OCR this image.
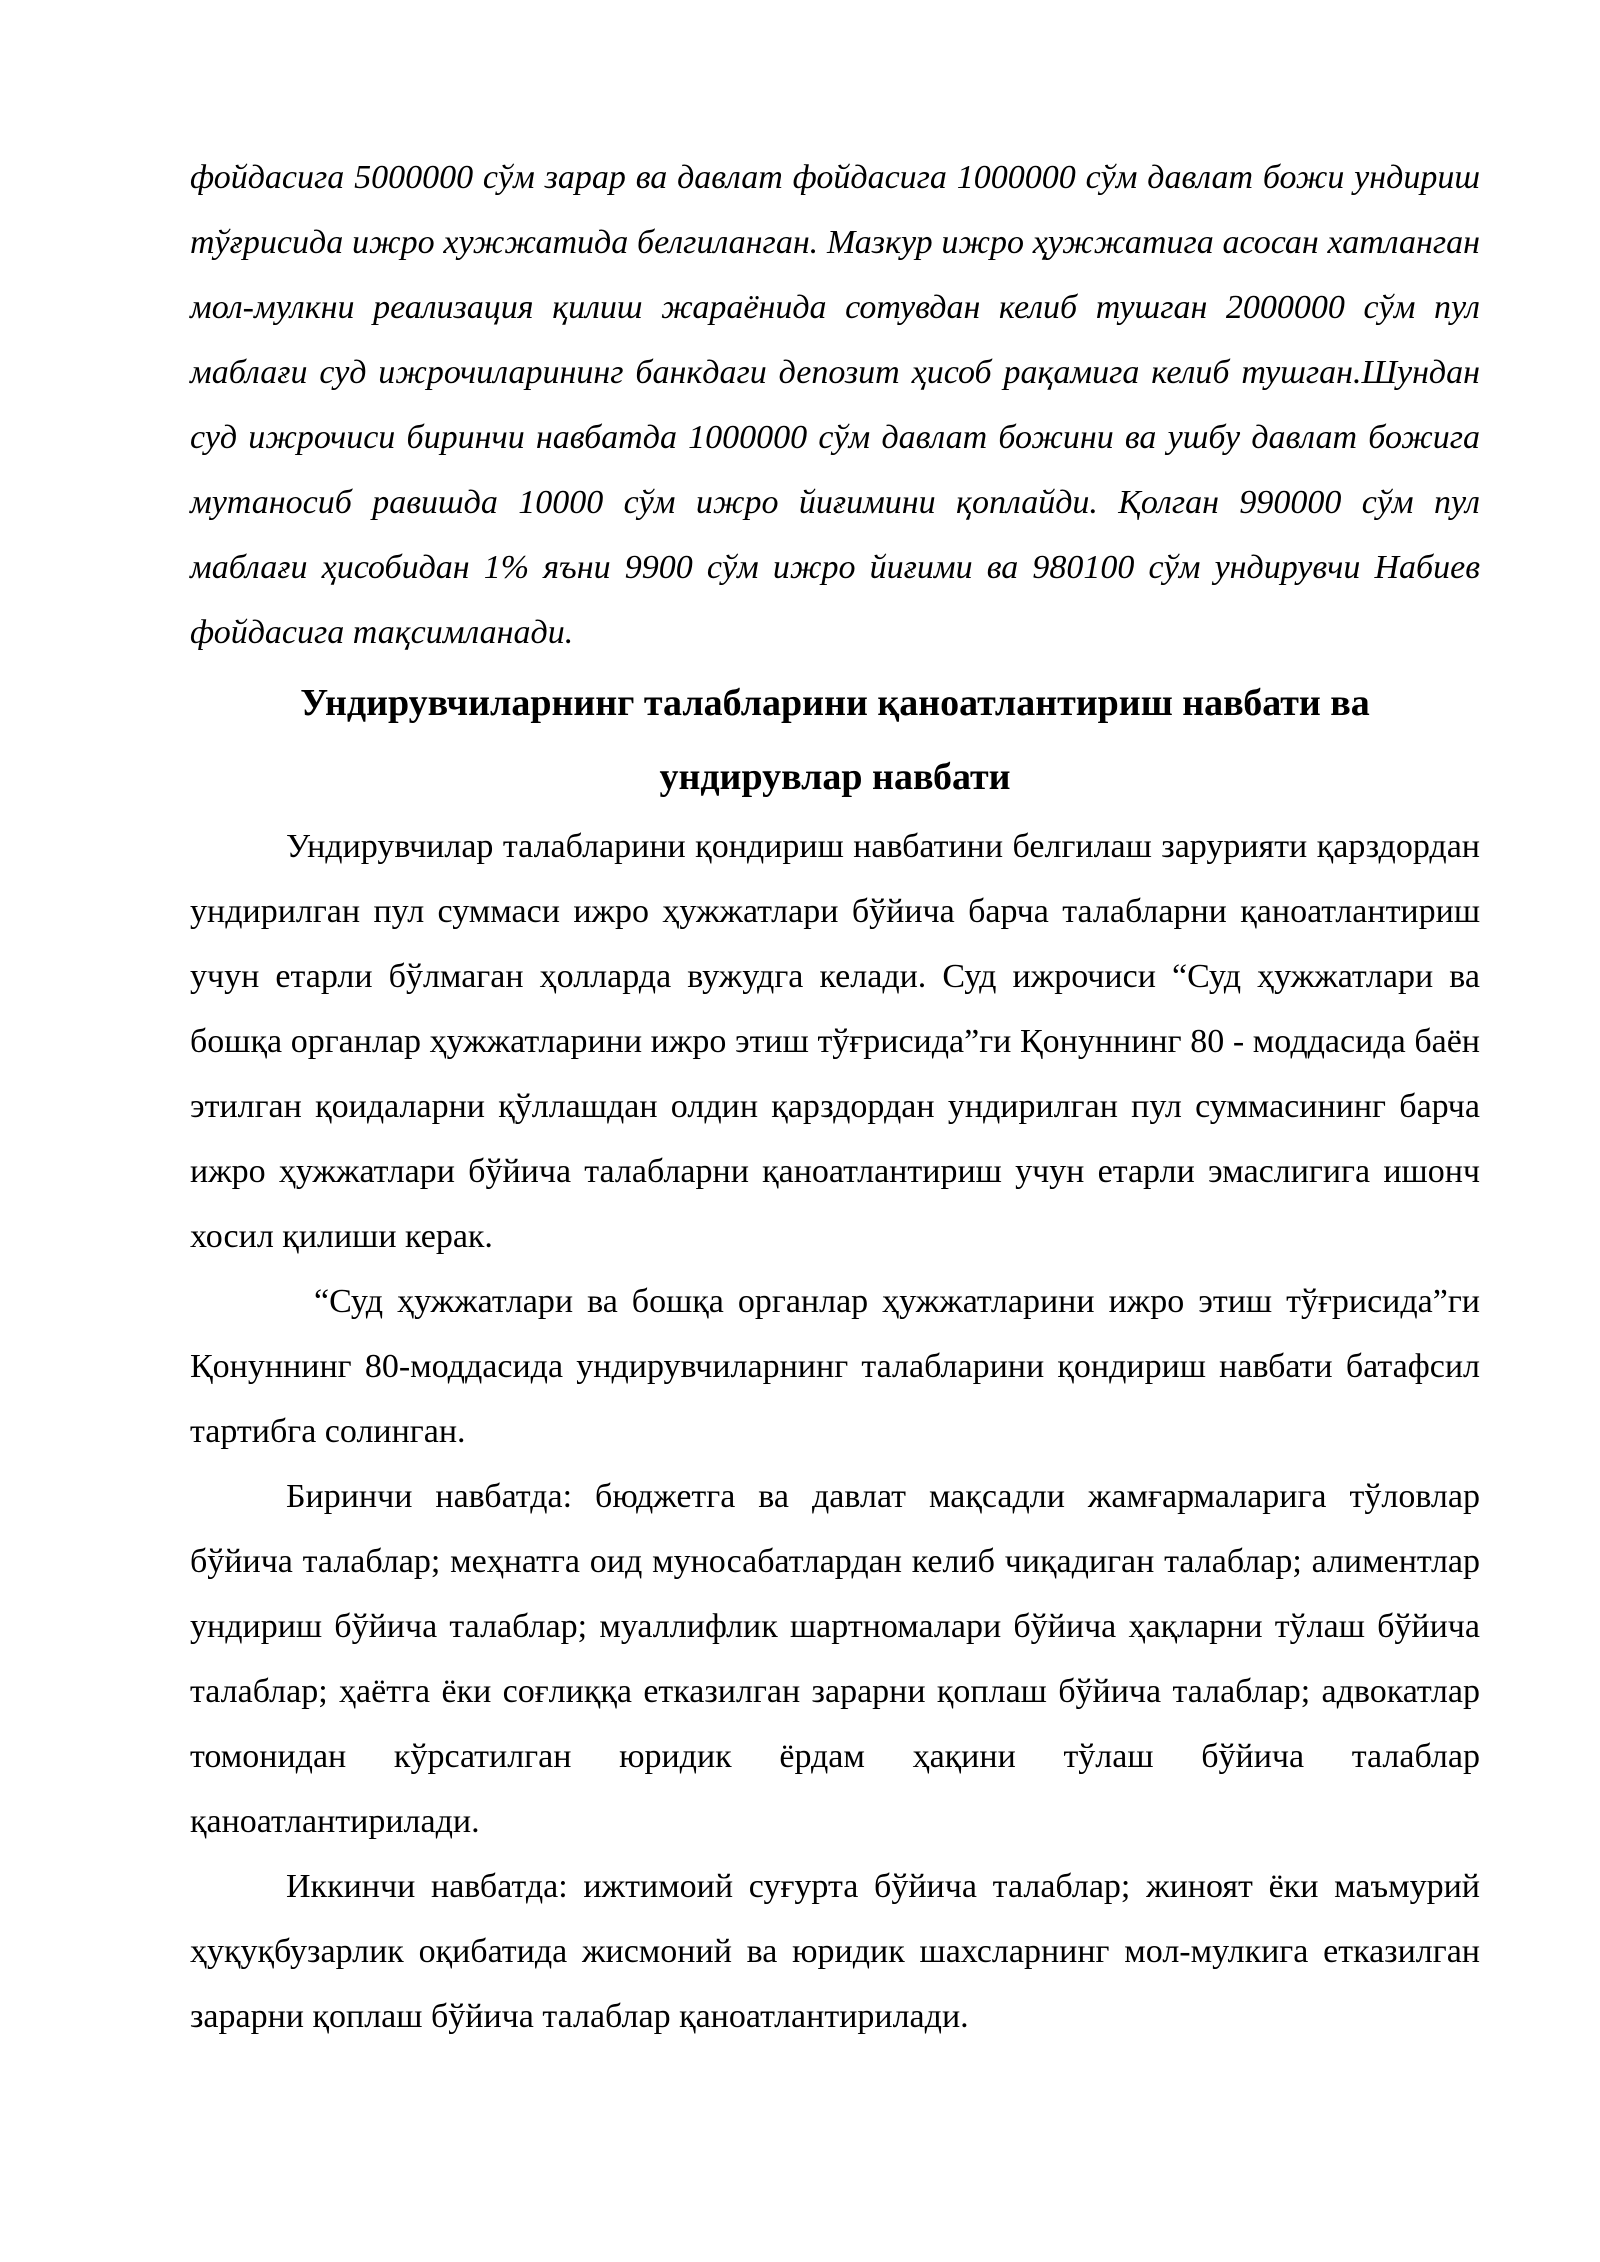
фойдасига 5000000 сўм зарар ва давлат фойдасига 1000000 сўм давлат божи ундириш тўғрисида ижро хужжатида белгиланган. Мазкур ижро ҳужжатига асосан хатланган мол-мулкни реализация қилиш жараёнида сотувдан келиб тушган 2000000 сўм пул маблағи суд ижрочиларининг банкдаги депозит ҳисоб рақамига келиб тушган.Шундан суд ижрочиси биринчи навбатда 1000000 сўм давлат божини ва ушбу давлат божига мутаносиб равишда 10000 сўм ижро йиғимини қоплайди. Қолган 990000 сўм пул маблағи ҳисобидан 1% яъни 9900 сўм ижро йиғими ва 980100 сўм ундирувчи Набиев фойдасига тақсимланади.

Ундирувчиларнинг талабларини қаноатлантириш навбати ва

ундирувлар навбати

Ундирувчилар талабларини қондириш навбатини белгилаш зарурияти қарздордан ундирилган пул суммаси ижро ҳужжатлари бўйича барча талабларни қаноатлантириш учун етарли бўлмаган ҳолларда вужудга келади. Суд ижрочиси “Суд ҳужжатлари ва бошқа органлар ҳужжатларини ижро этиш тўғрисида”ги Қонуннинг 80 - моддасида баён этилган қоидаларни қўллашдан олдин қарздордан ундирилган пул суммасининг барча ижро ҳужжатлари бўйича талабларни қаноатлантириш учун етарли эмаслигига ишонч хосил қилиши керак.

“Суд ҳужжатлари ва бошқа органлар ҳужжатларини ижро этиш тўғрисида”ги Қонуннинг 80-моддасида ундирувчиларнинг талабларини қондириш навбати батафсил тартибга солинган.

Биринчи навбатда: бюджетга ва давлат мақсадли жамғармаларига тўловлар бўйича талаблар; меҳнатга оид муносабатлардан келиб чиқадиган талаблар; алиментлар ундириш бўйича талаблар; муаллифлик шартномалари бўйича ҳақларни тўлаш бўйича талаблар; ҳаётга ёки соғлиққа етказилган зарарни қоплаш бўйича талаблар; адвокатлар томонидан кўрсатилган юридик ёрдам ҳақини тўлаш бўйича талаблар қаноатлантирилади.

Иккинчи навбатда: ижтимоий суғурта бўйича талаблар; жиноят ёки маъмурий ҳуқуқбузарлик оқибатида жисмоний ва юридик шахсларнинг мол-мулкига етказилган зарарни қоплаш бўйича талаблар қаноатлантирилади.
